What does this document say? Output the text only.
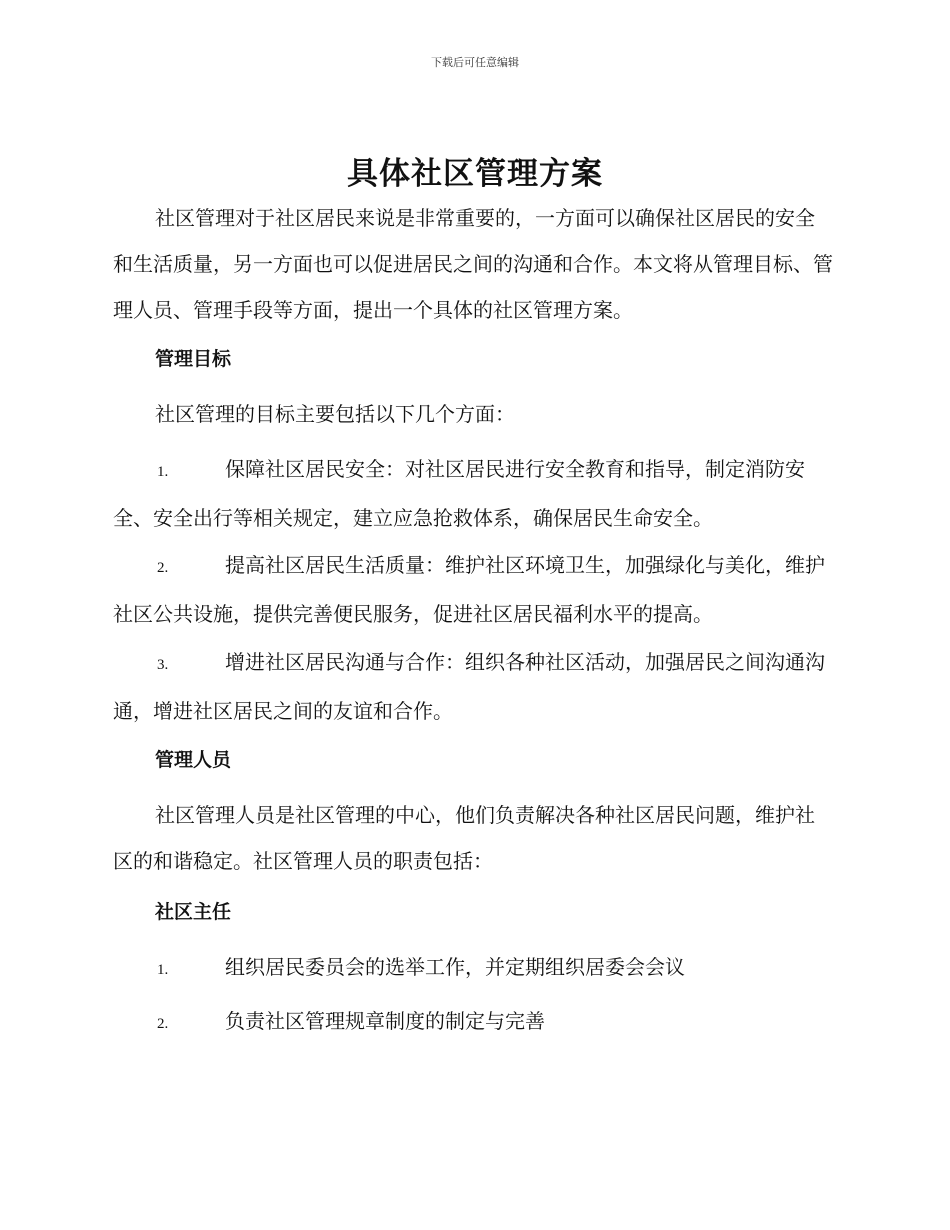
下载后可任意编辑
具体社区管理方案

社区管理对于社区居民来说是非常重要的，一方面可以确保社区居民的安全和生活质量，另一方面也可以促进居民之间的沟通和合作。本文将从管理目标、管理人员、管理手段等方面，提出一个具体的社区管理方案。

管理目标

社区管理的目标主要包括以下几个方面：

1.	保障社区居民安全：对社区居民进行安全教育和指导，制定消防安全、安全出行等相关规定，建立应急抢救体系，确保居民生命安全。
2.	提高社区居民生活质量：维护社区环境卫生，加强绿化与美化，维护社区公共设施，提供完善便民服务，促进社区居民福利水平的提高。
3.	增进社区居民沟通与合作：组织各种社区活动，加强居民之间沟通沟通，增进社区居民之间的友谊和合作。
管理人员

社区管理人员是社区管理的中心，他们负责解决各种社区居民问题，维护社区的和谐稳定。社区管理人员的职责包括：

社区主任
1.	组织居民委员会的选举工作，并定期组织居委会会议
2.	负责社区管理规章制度的制定与完善
